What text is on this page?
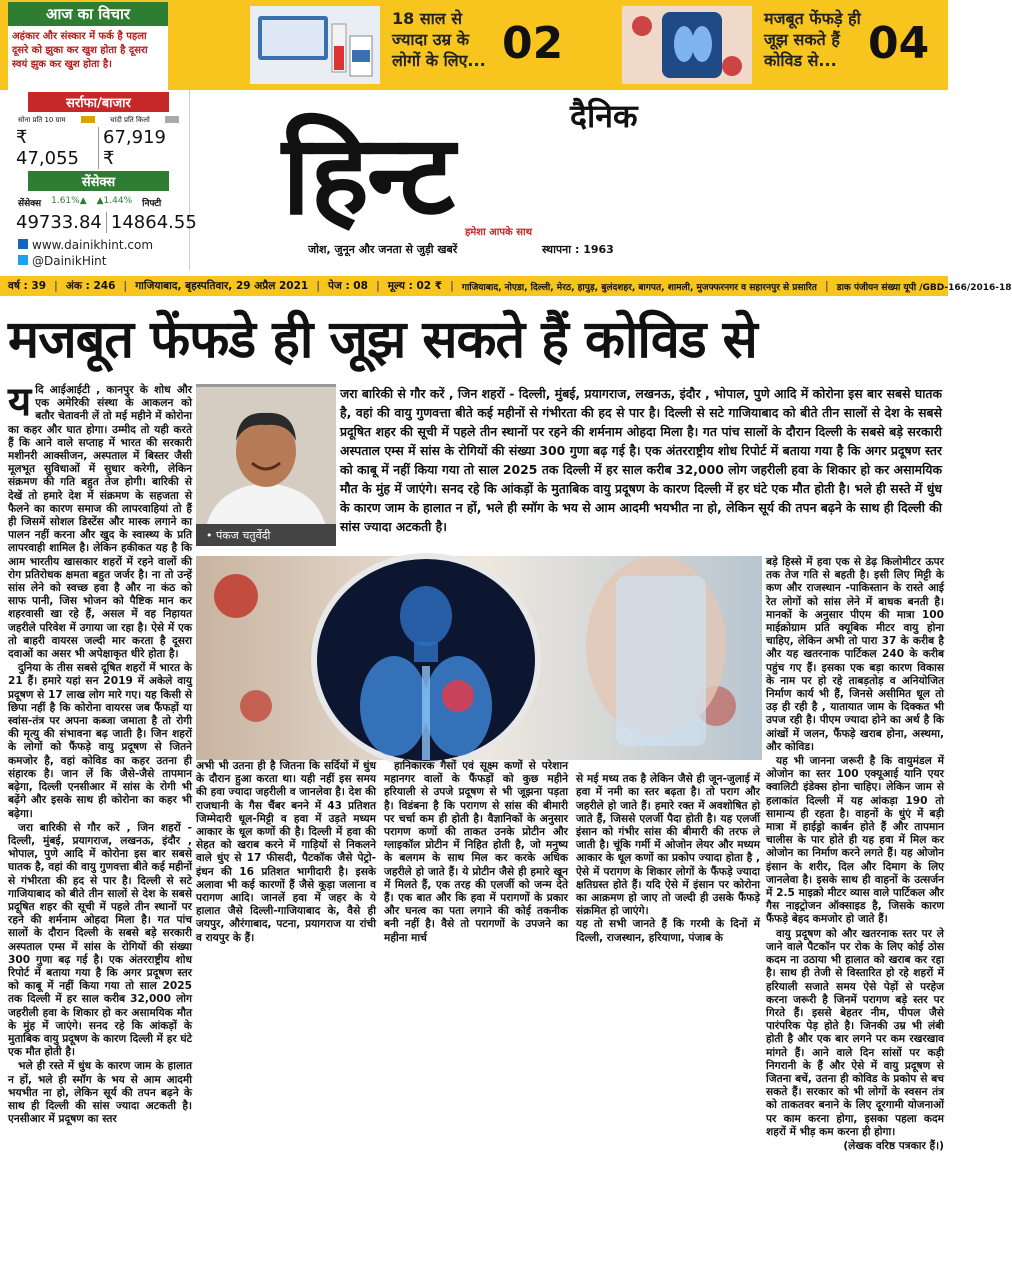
आज का विचार
अहंकार और संस्कार में फर्क है पहला दूसरे को झुका कर खुश होता है दूसरा स्वयं झुक कर खुश होता है।
18 साल से ज्यादा उम्र के लोगों के लिए... 02	मजबूत फेंफड़े ही जूझ सकते हैं कोविड से... 04
सर्राफा/बाजार
सोना प्रति 10 ग्राम	चांदी प्रति किलो
₹ 47,055
67,919 ₹
सेंसेक्स
सेंसेक्स 1.61%▲ ▲1.44% निफ्टी
49733.84 14864.55
www.dainikhint.com
@DainikHint
दैनिक
हिन्ट हमेशा आपके साथ
जोश, जुनून और जनता से जुड़ी खबरें	स्थापना : 1963
वर्ष : 39 | अंक : 246 | गाजियाबाद, बृहस्पतिवार, 29 अप्रैल 2021 | पेज : 08 | मूल्य : 02 ₹ | गाजियाबाद, नोएडा, दिल्ली, मेरठ, हापुड़, बुलंदशहर, बागपत, शामली, मुजफ्फरनगर व सहारनपुर से प्रसारित | डाक पंजीयन संख्या यूपी /GBD-166/2016-18
मजबूत फेंफडे ही जूझ सकते हैं कोविड से

यदि आईआईटी , कानपुर के शोध और एक अमेरिकी संस्था के आकलन को बतौर चेतावनी लें तो मई महीने में कोरोना का कहर और घात होगा। उम्मीद तो यही करते हैं कि आने वाले सप्ताह में भारत की सरकारी मशीनरी आक्सीजन, अस्पताल में बिस्तर जैसी मूलभूत सुविधाओं में सुधार करेगी, लेकिन संक्रमण की गति बहुत तेज होगी। बारिकी से देखें तो हमारे देश में संक्रमण के सहजता से फैलने का कारण समाज की लापरवाहियां तो हैं ही जिसमें सोशल डिस्टेंस और मास्क लगाने का पालन नहीं करना और खुद के स्वास्थ्य के प्रति लापरवाही शामिल है। लेकिन हकीकत यह है कि आम भारतीय खासकार शहरों में रहने वालों की रोग प्रतिरोधक क्षमता बहुत जर्जर है। ना तो उन्हें सांस लेने को स्वच्छ हवा है और ना कंठ को साफ पानी, जिस भोजन को पैष्टिक मान कर शहरवासी खा रहे हैं, असल में वह निहायत जहरीले परिवेश में उगाया जा रहा है। ऐसे में एक तो बाहरी वायरस जल्दी मार करता है दूसरा दवाओं का असर भी अपेक्षाकृत धीरे होता है।

दुनिया के तीस सबसे दूषित शहरों में भारत के 21 हैं। हमारे यहां सन 2019 में अकेले वायु प्रदूषण से 17 लाख लोग मारे गए। यह किसी से छिपा नहीं है कि कोरोना वायरस जब फैंफड़ों या स्वांस-तंत्र पर अपना कब्जा जमाता है तो रोगी की मृत्यु की संभावना बढ़ जाती है। जिन शहरों के लोगों को फैंफड़े वायु प्रदूषण से जितने कमजोर है, वहां कोविड का कहर उतना ही संहारक है। जान लें कि जैसे-जैसे तापमान बढ़ेगा, दिल्ली एनसीआर में सांस के रोगी भी बढ़ेंगे और इसके साथ ही कोरोना का कहर भी बढ़ेगा।

जरा बारिकी से गौर करें , जिन शहरों - दिल्ली, मुंबई, प्रयागराज, लखनऊ, इंदौर , भोपाल, पुणे आदि में कोरोना इस बार सबसे घातक है, वहां की वायु गुणवत्ता बीते कई महीनों से गंभीरता की हद से पार है। दिल्ली से सटे गाजियाबाद को बीते तीन सालों से देश के सबसे प्रदूषित शहर की सूची में पहले तीन स्थानों पर रहने की शर्मनाम ओहदा मिला है। गत पांच सालों के दौरान दिल्ली के सबसे बड़े सरकारी अस्पताल एम्स में सांस के रोगियों की संख्या 300 गुणा बढ़ गई है। एक अंतरराष्ट्रीय शोध रिपोर्ट में बताया गया है कि अगर प्रदूषण स्तर को काबू में नहीं किया गया तो साल 2025 तक दिल्ली में हर साल करीब 32,000 लोग जहरीली हवा के शिकार हो कर असामयिक मौत के मुंह में जाएंगे। सनद रहे कि आंकड़ों के मुताबिक वायु प्रदूषण के कारण दिल्ली में हर घंटे एक मौत होती है।

भले ही रस्ते में धुंध के कारण जाम के हालात न हों, भले ही स्मॉग के भय से आम आदमी भयभीत ना हो, लेकिन सूर्य की तपन बढ़ने के साथ ही दिल्ली की सांस ज्यादा अटकती है। एनसीआर में प्रदूषण का स्तर

• पंकज चतुर्वेदी
जरा बारिकी से गौर करें , जिन शहरों - दिल्ली, मुंबई, प्रयागराज, लखनऊ, इंदौर , भोपाल, पुणे आदि में कोरोना इस बार सबसे घातक है, वहां की वायु गुणवत्ता बीते कई महीनों से गंभीरता की हद से पार है। दिल्ली से सटे गाजियाबाद को बीते तीन सालों से देश के सबसे प्रदूषित शहर की सूची में पहले तीन स्थानों पर रहने की शर्मनाम ओहदा मिला है। गत पांच सालों के दौरान दिल्ली के सबसे बड़े सरकारी अस्पताल एम्स में सांस के रोगियों की संख्या 300 गुणा बढ़ गई है। एक अंतरराष्ट्रीय शोध रिपोर्ट में बताया गया है कि अगर प्रदूषण स्तर को काबू में नहीं किया गया तो साल 2025 तक दिल्ली में हर साल करीब 32,000 लोग जहरीली हवा के शिकार हो कर असामयिक मौत के मुंह में जाएंगे। सनद रहे कि आंकड़ों के मुताबिक वायु प्रदूषण के कारण दिल्ली में हर घंटे एक मौत होती है। भले ही सस्ते में धुंध के कारण जाम के हालात न हों, भले ही स्मॉग के भय से आम आदमी भयभीत ना हो, लेकिन सूर्य की तपन बढ़ने के साथ ही दिल्ली की सांस ज्यादा अटकती है।

अभी भी उतना ही है जितना कि सर्दियों में धुंध के दौरान हुआ करता था। यही नहीं इस समय की हवा ज्यादा जहरीली व जानलेवा है। देश की राजधानी के गैस चैंबर बनने में 43 प्रतिशत जिम्मेदारी धूल-मिट्टी व हवा में उड़ते मध्यम आकार के धूल कणों की है। दिल्ली में हवा की सेहत को खराब करने में गाड़ियों से निकलने वाले धुंए से 17 फीसदी, पैटकॉक जैसे पेट्रो-इंधन की 16 प्रतिशत भागीदारी है। इसके अलावा भी कई कारणों हैं जैसे कूड़ा जलाना व परागण आदि। जानलें हवा में जहर के ये हालात जैसे दिल्ली-गाजियाबाद के, वैसे ही जयपुर, औरंगाबाद, पटना, प्रयागराज या रांची व रायपुर के हैं।

हानिकारक गैसों एवं सूक्ष्म कणों से परेशान महानगर वालों के फैंफड़ों को कुछ महीने हरियाली से उपजे प्रदूषण से भी जूझना पड़ता है। विडंबना है कि परागण से सांस की बीमारी पर चर्चा कम ही होती है। वैज्ञानिकों के अनुसार परागण कणों की ताकत उनके प्रोटीन और ग्लाइकॉल प्रोटीन में निहित होती है, जो मनुष्य के बलगम के साथ मिल कर करके अधिक जहरीले हो जाते हैं। ये प्रोटीन जैसे ही हमारे खून में मिलते हैं, एक तरह की एलर्जी को जन्म देते हैं। एक बात और कि हवा में परागणों के प्रकार और घनत्व का पता लगाने की कोई तकनीक बनी नहीं है। वैसे तो परागणों के उपजने का महीना मार्च

से मई मध्य तक है लेकिन जैसे ही जून-जुलाई में हवा में नमी का स्तर बढ़ता है। तो पराग और जहरीले हो जाते हैं। हमारे रक्त में अवशोषित हो जाते हैं, जिससे एलर्जी पैदा होती है। यह एलर्जी इंसान को गंभीर सांस की बीमारी की तरफ ले जाती है। चूंकि गर्मी में ओजोन लेयर और मध्यम आकार के धूल कणों का प्रकोप ज्यादा होता है , ऐसे में परागण के शिकार लोगों के फैंफड़े ज्यादा क्षतिग्रस्त होते हैं। यदि ऐसे में इंसान पर कोरोना का आक्रमण हो जाए तो जल्दी ही उसके फैंफड़े संक्रमित हो जाएंगे।
यह तो सभी जानते हैं कि गरमी के दिनों में दिल्ली, राजस्थान, हरियाणा, पंजाब के

बड़े हिस्से में हवा एक से डेढ़ किलोमीटर ऊपर तक तेज गति से बहती है। इसी लिए मिट्टी के कण और राजस्थान -पाकिस्तान के रास्ते आई रेत लोगों को सांस लेने में बाधक बनती है। मानकों के अनुसार पीएम की मात्रा 100 माईक्रोग्राम प्रति क्यूबिक मीटर वायु होना चाहिए, लेकिन अभी तो पारा 37 के करीब है और यह खतरनाक पार्टिकल 240 के करीब पहुंच गए हैं। इसका एक बड़ा कारण विकास के नाम पर हो रहे ताबड़तोड़ व अनियोजित निर्माण कार्य भी हैं, जिनसे असीमित धूल तो उड़ ही रही है , यातायात जाम के दिक्कत भी उपज रही है। पीएम ज्यादा होने का अर्थ है कि आंखों में जलन, फैंफड़े खराब होना, अस्थमा, और कोविड।

यह भी जानना जरूरी है कि वायुमंडल में ओजोन का स्तर 100 एक्यूआई यानि एयर क्वालिटी इंडेक्स होना चाहिए। लेकिन जाम से हलाकांत दिल्ली में यह आंकड़ा 190 तो सामान्य ही रहता है। वाहनों के धुंएं में बड़ी मात्रा में हाईड्रो कार्बन होते हैं और तापमान चालीस के पार होते ही यह हवा में मिल कर ओजोन का निर्माण करने लगते हैं। यह ओजोन इंसान के शरीर, दिल और दिमाग के लिए जानलेवा है। इसके साथ ही वाहनों के उत्सर्जन में 2.5 माइक्रो मीटर व्यास वाले पार्टिकल और गैस नाइट्रोजन ऑक्साइड है, जिसके कारण फैंफड़े बेहद कमजोर हो जाते हैं।

वायु प्रदूषण को और खतरनाक स्तर पर ले जाने वाले पैटकॉन पर रोक के लिए कोई ठोस कदम ना उठाया भी हालात को खराब कर रहा है। साथ ही तेजी से विस्तारित हो रहे शहरों में हरियाली सजाते समय ऐसे पेड़ों से परहेज करना जरूरी है जिनमें परागण बड़े स्तर पर गिरते हैं। इससे बेहतर नीम, पीपल जैसे पारंपरिक पेड़ होते है। जिनकी उम्र भी लंबी होती है और एक बार लगने पर कम रखरखाव मांगते हैं। आने वाले दिन सांसों पर कड़ी निगरानी के हैं और ऐसे में वायु प्रदूषण से जितना बचें, उतना ही कोविड के प्रकोप से बच सकते हैं। सरकार को भी लोगों के स्वसन तंत्र को ताकतवर बनाने के लिए दूरगामी योजनाओं पर काम करना होगा, इसका पहला कदम शहरों में भीड़ कम करना ही होगा।

(लेखक वरिष्ठ पत्रकार हैं।)
